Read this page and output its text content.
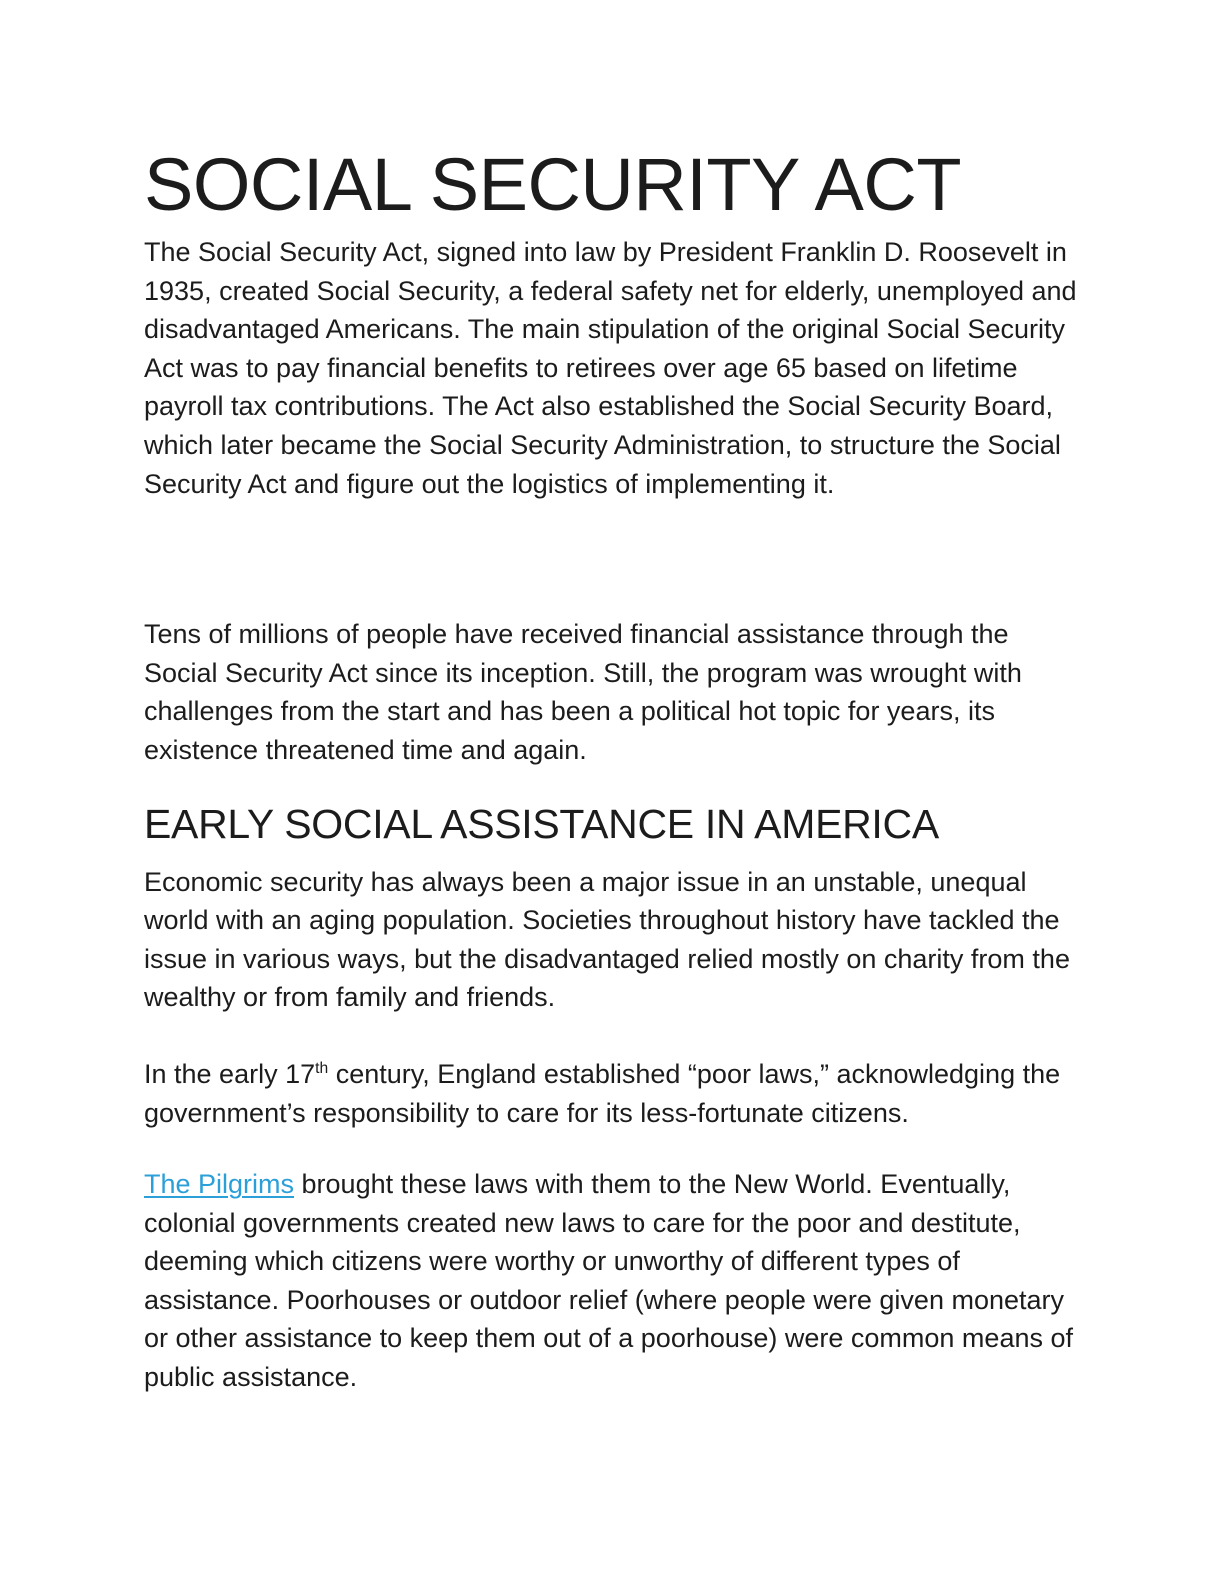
SOCIAL SECURITY ACT

The Social Security Act, signed into law by President Franklin D. Roosevelt in 1935, created Social Security, a federal safety net for elderly, unemployed and disadvantaged Americans. The main stipulation of the original Social Security Act was to pay financial benefits to retirees over age 65 based on lifetime payroll tax contributions. The Act also established the Social Security Board, which later became the Social Security Administration, to structure the Social Security Act and figure out the logistics of implementing it.

Tens of millions of people have received financial assistance through the Social Security Act since its inception. Still, the program was wrought with challenges from the start and has been a political hot topic for years, its existence threatened time and again.

EARLY SOCIAL ASSISTANCE IN AMERICA

Economic security has always been a major issue in an unstable, unequal world with an aging population. Societies throughout history have tackled the issue in various ways, but the disadvantaged relied mostly on charity from the wealthy or from family and friends.

In the early 17th century, England established “poor laws,” acknowledging the government’s responsibility to care for its less-fortunate citizens.

The Pilgrims brought these laws with them to the New World. Eventually, colonial governments created new laws to care for the poor and destitute, deeming which citizens were worthy or unworthy of different types of assistance. Poorhouses or outdoor relief (where people were given monetary or other assistance to keep them out of a poorhouse) were common means of public assistance.
